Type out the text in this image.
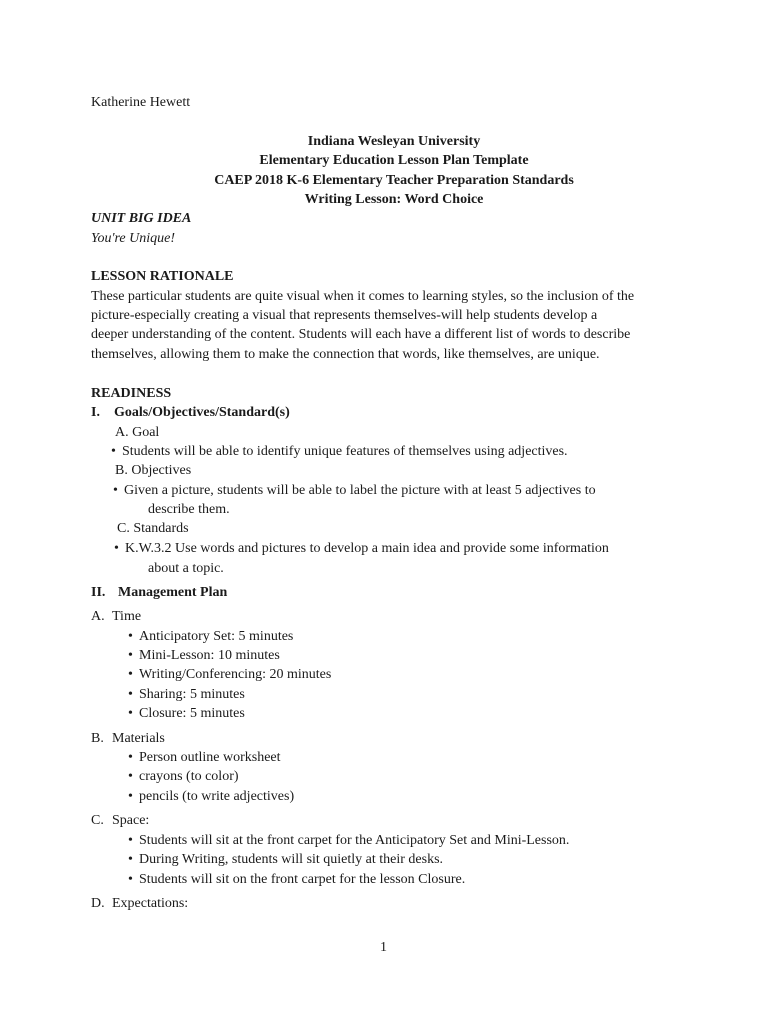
Katherine Hewett
Indiana Wesleyan University
Elementary Education Lesson Plan Template
CAEP 2018 K-6 Elementary Teacher Preparation Standards
Writing Lesson: Word Choice
UNIT BIG IDEA
You're Unique!
LESSON RATIONALE
These particular students are quite visual when it comes to learning styles, so the inclusion of the
picture-especially creating a visual that represents themselves-will help students develop a
deeper understanding of the content. Students will each have a different list of words to describe
themselves, allowing them to make the connection that words, like themselves, are unique.
READINESS
I. Goals/Objectives/Standard(s)
A. Goal
• Students will be able to identify unique features of themselves using adjectives.
B. Objectives
• Given a picture, students will be able to label the picture with at least 5 adjectives to
describe them.
C. Standards
• K.W.3.2 Use words and pictures to develop a main idea and provide some information
about a topic.
II. Management Plan
A. Time
• Anticipatory Set: 5 minutes
• Mini-Lesson: 10 minutes
• Writing/Conferencing: 20 minutes
• Sharing: 5 minutes
• Closure: 5 minutes
B. Materials
• Person outline worksheet
• crayons (to color)
• pencils (to write adjectives)
C. Space:
• Students will sit at the front carpet for the Anticipatory Set and Mini-Lesson.
• During Writing, students will sit quietly at their desks.
• Students will sit on the front carpet for the lesson Closure.
D. Expectations:
1
